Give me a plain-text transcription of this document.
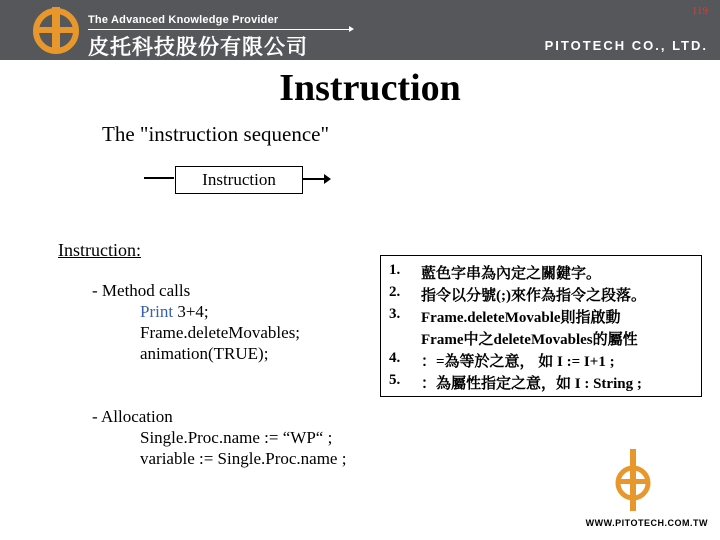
The Advanced Knowledge Provider
皮托科技股份有限公司	PITOTECH CO., LTD.
119
Instruction
The "instruction sequence"
Instruction
Instruction:
- Method calls
Print 3+4;
Frame.deleteMovables;
animation(TRUE);
- Allocation
Single.Proc.name := “WP“ ;
variable := Single.Proc.name ;
1. 藍色字串為內定之關鍵字。
2. 指令以分號(;)來作為指令之段落。
3. Frame.deleteMovable則指啟動
Frame中之deleteMovables的屬性
4. ：=為等於之意， 如 I := I+1 ;
5. ：為屬性指定之意，如 I : String ;
WWW.PITOTECH.COM.TW
